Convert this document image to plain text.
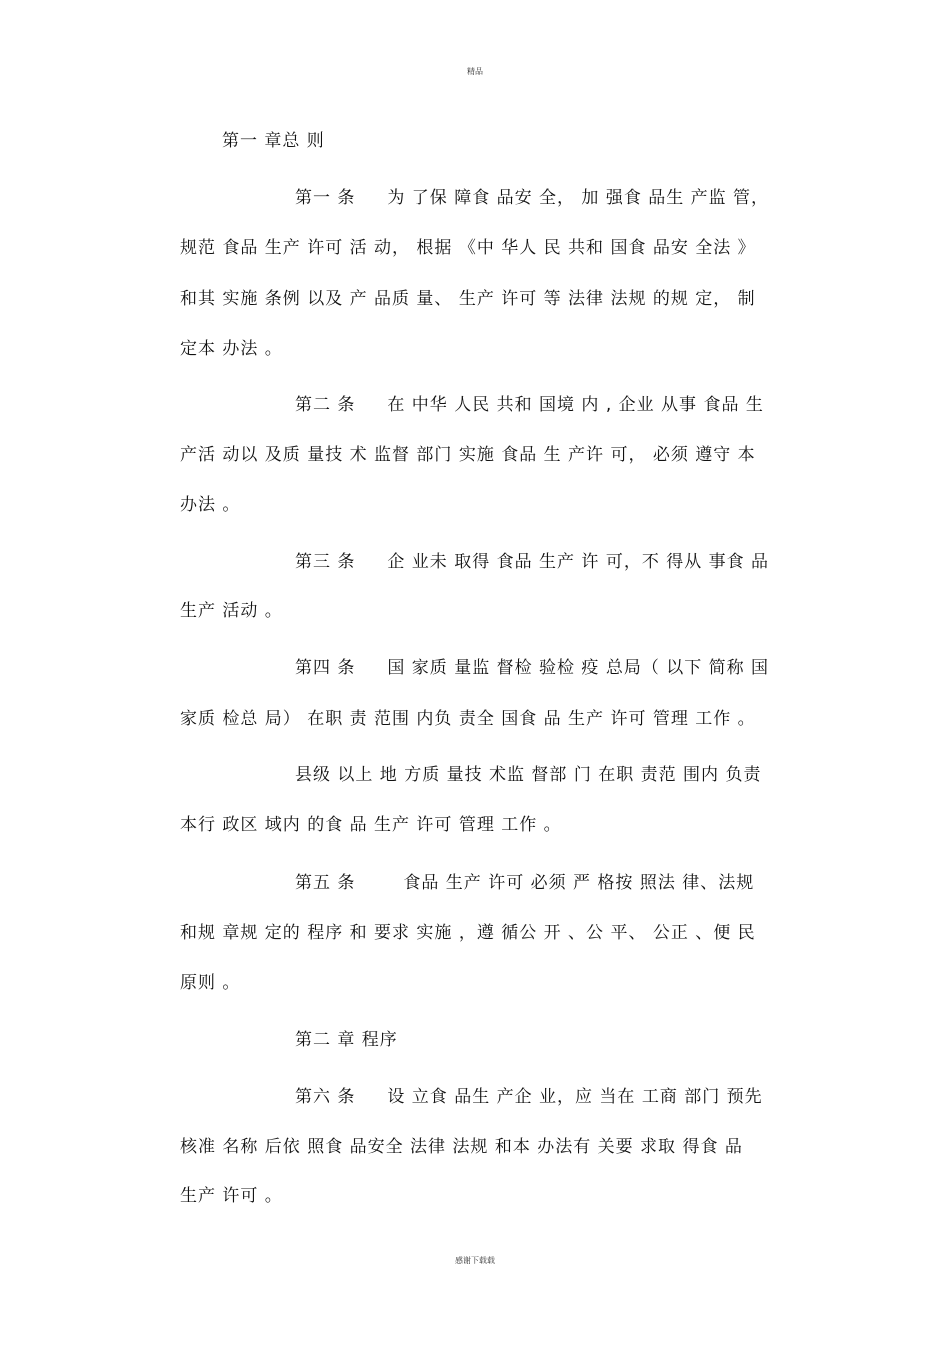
精品
第一 章总 则
第一 条 为 了保 障食 品安 全， 加 强食 品生 产监 管，
规范 食品 生产 许可 活 动， 根据 《中 华人 民 共和 国食 品安 全法 》
和其 实施 条例 以及 产 品质 量、 生产 许可 等 法律 法规 的规 定， 制
定本 办法 。
第二 条 在 中华 人民 共和 国境 内 , 企业 从事 食品 生
产活 动以 及质 量技 术 监督 部门 实施 食品 生 产许 可， 必须 遵守 本
办法 。
第三 条 企 业未 取得 食品 生产 许 可，不 得从 事食 品
生产 活动 。
第四 条 国 家质 量监 督检 验检 疫 总局（ 以下 简称 国
家质 检总 局） 在职 责 范围 内负 责全 国食 品 生产 许可 管理 工作 。
县级 以上 地 方质 量技 术监 督部 门 在职 责范 围内 负责
本行 政区 域内 的食 品 生产 许可 管理 工作 。
第五 条	食品 生产 许可 必须 严 格按 照法 律、法规
和规 章规 定的 程序 和 要求 实施 ，遵 循公 开 、公 平、 公正 、便 民
原则 。
第二 章 程序
第六 条 设 立食 品生 产企 业，应 当在 工商 部门 预先
核准 名称 后依 照食 品安全 法律 法规 和本 办法有 关要 求取 得食 品
生产 许可 。
感谢下载载
